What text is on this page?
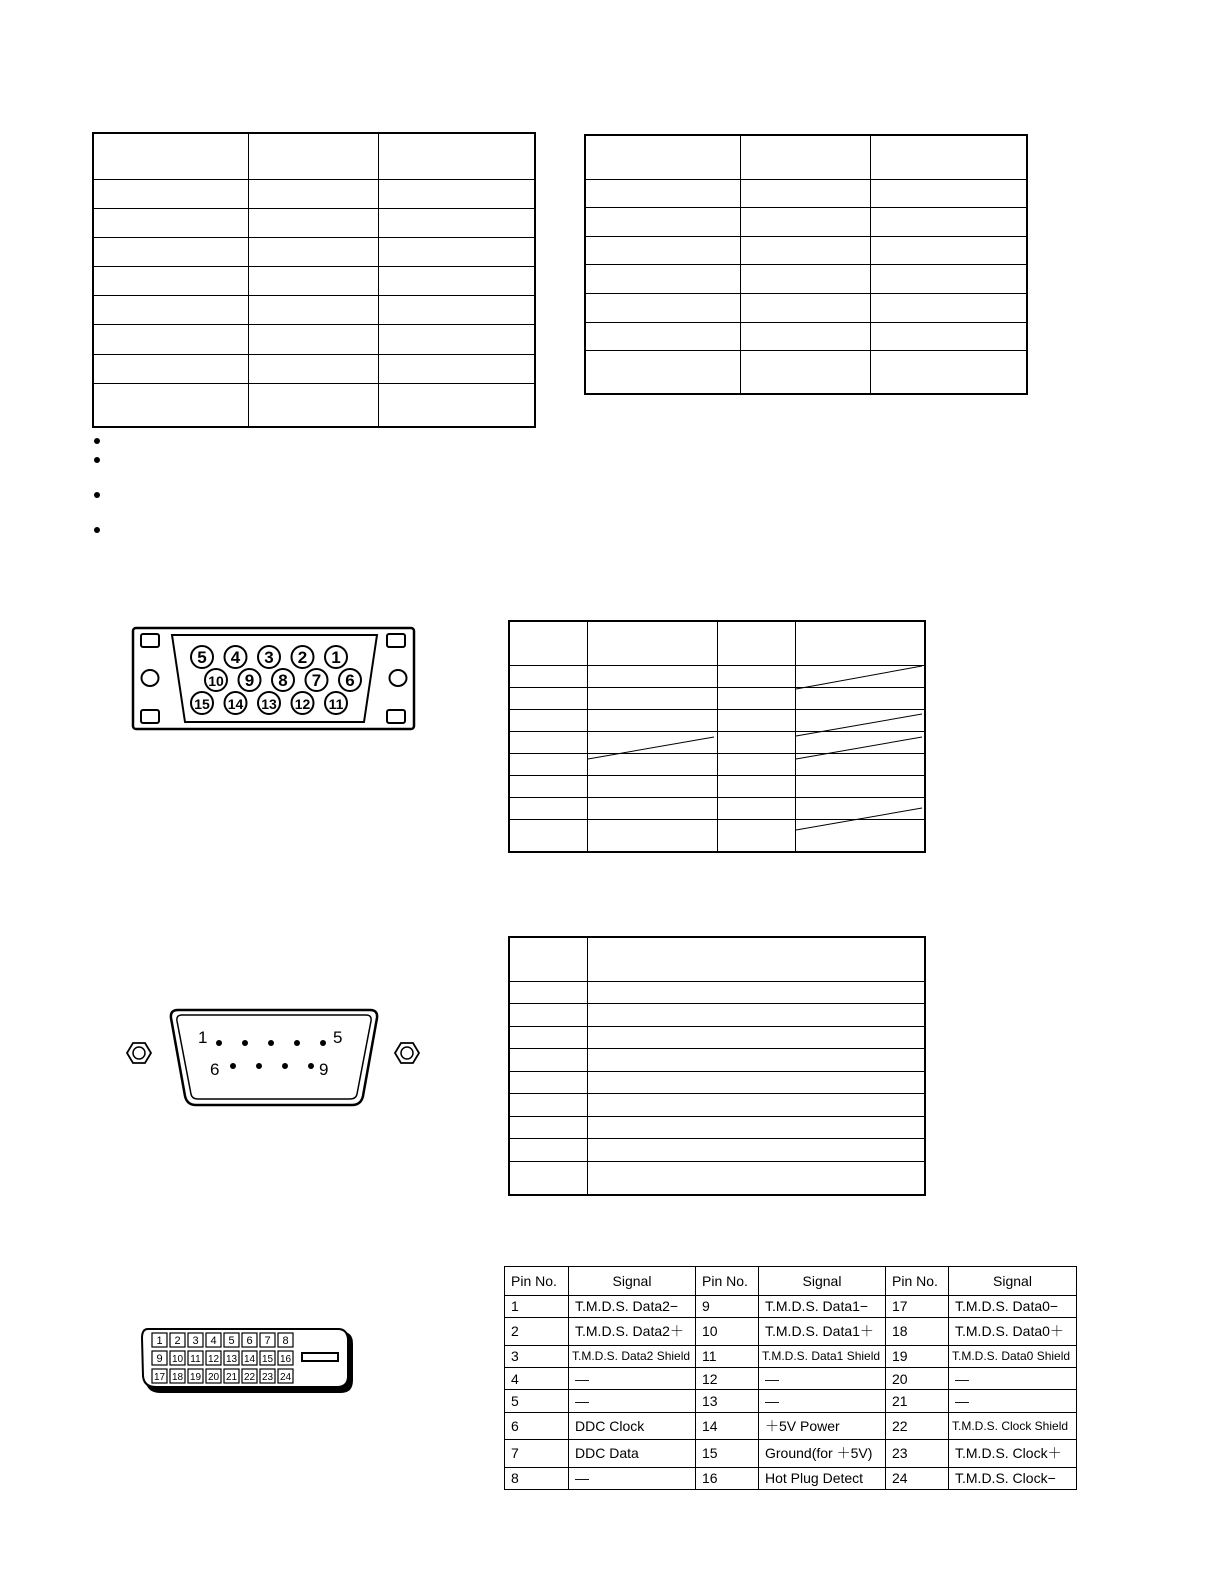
5 4 3 2 1
10 9 8 7 6
15 14 13 12 11

1	5
6	9

1 2 3 4 5 6 7 8
9 10 11 12 13 14 15 16
17 18 19 20 21 22 23 24
Pin No.	Signal	Pin No.	Signal	Pin No.	Signal
1	T.M.D.S. Data2−	9	T.M.D.S. Data1−	17	T.M.D.S. Data0−
2	T.M.D.S. Data2＋	10	T.M.D.S. Data1＋	18	T.M.D.S. Data0＋
3	T.M.D.S. Data2 Shield	11	T.M.D.S. Data1 Shield	19	T.M.D.S. Data0 Shield
4	—	12	—	20	—
5	—	13	—	21	—
6	DDC Clock	14	＋5V Power	22	T.M.D.S. Clock Shield
7	DDC Data	15	Ground(for ＋5V)	23	T.M.D.S. Clock＋
8	—	16	Hot Plug Detect	24	T.M.D.S. Clock−
